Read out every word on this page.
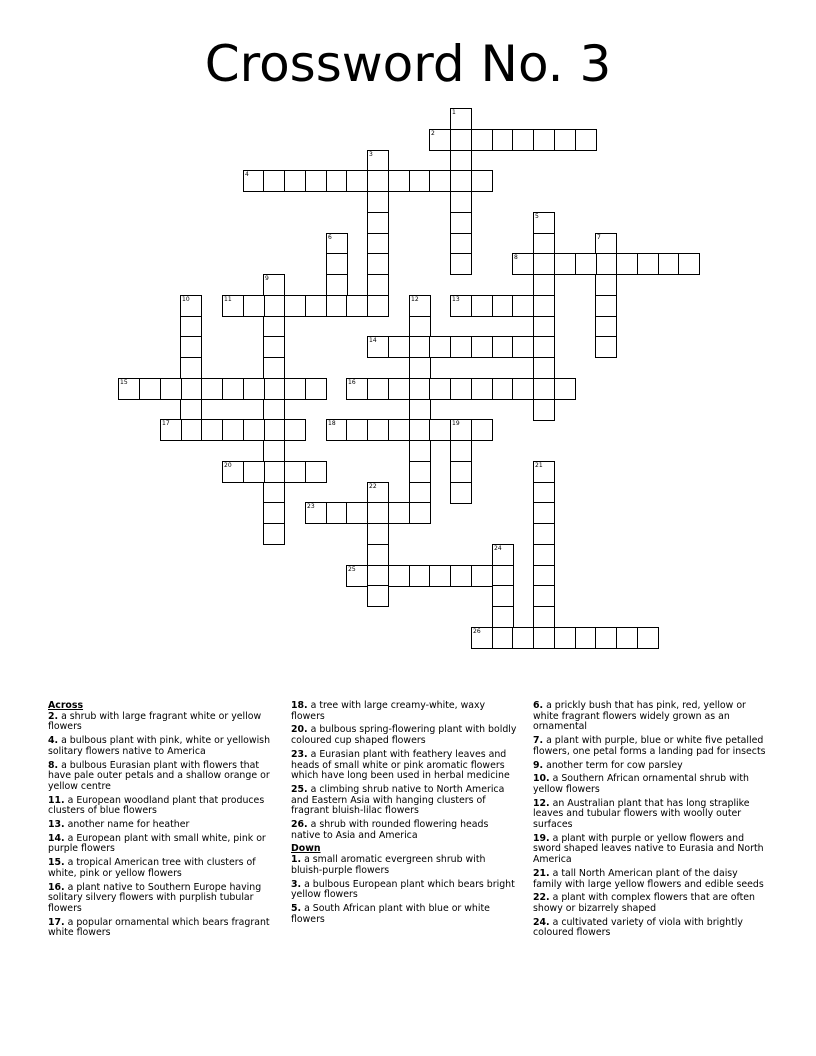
Crossword No. 3
1
2
3
4
5
6	7
8
9
10	11	12	13
14
15	16
17	18	19
20	21
22
23
24
25
26
Across
2. a shrub with large fragrant white or yellow flowers
4. a bulbous plant with pink, white or yellowish solitary flowers native to America
8. a bulbous Eurasian plant with flowers that have pale outer petals and a shallow orange or yellow centre
11. a European woodland plant that produces clusters of blue flowers
13. another name for heather
14. a European plant with small white, pink or purple flowers
15. a tropical American tree with clusters of white, pink or yellow flowers
16. a plant native to Southern Europe having solitary silvery flowers with purplish tubular flowers
17. a popular ornamental which bears fragrant white flowers
18. a tree with large creamy-white, waxy flowers
20. a bulbous spring-flowering plant with boldly coloured cup shaped flowers
23. a Eurasian plant with feathery leaves and heads of small white or pink aromatic flowers which have long been used in herbal medicine
25. a climbing shrub native to North America and Eastern Asia with hanging clusters of fragrant bluish-lilac flowers
26. a shrub with rounded flowering heads native to Asia and America
Down
1. a small aromatic evergreen shrub with bluish-purple flowers
3. a bulbous European plant which bears bright yellow flowers
5. a South African plant with blue or white flowers
6. a prickly bush that has pink, red, yellow or white fragrant flowers widely grown as an ornamental
7. a plant with purple, blue or white five petalled flowers, one petal forms a landing pad for insects
9. another term for cow parsley
10. a Southern African ornamental shrub with yellow flowers
12. an Australian plant that has long straplike leaves and tubular flowers with woolly outer surfaces
19. a plant with purple or yellow flowers and sword shaped leaves native to Eurasia and North America
21. a tall North American plant of the daisy family with large yellow flowers and edible seeds
22. a plant with complex flowers that are often showy or bizarrely shaped
24. a cultivated variety of viola with brightly coloured flowers
